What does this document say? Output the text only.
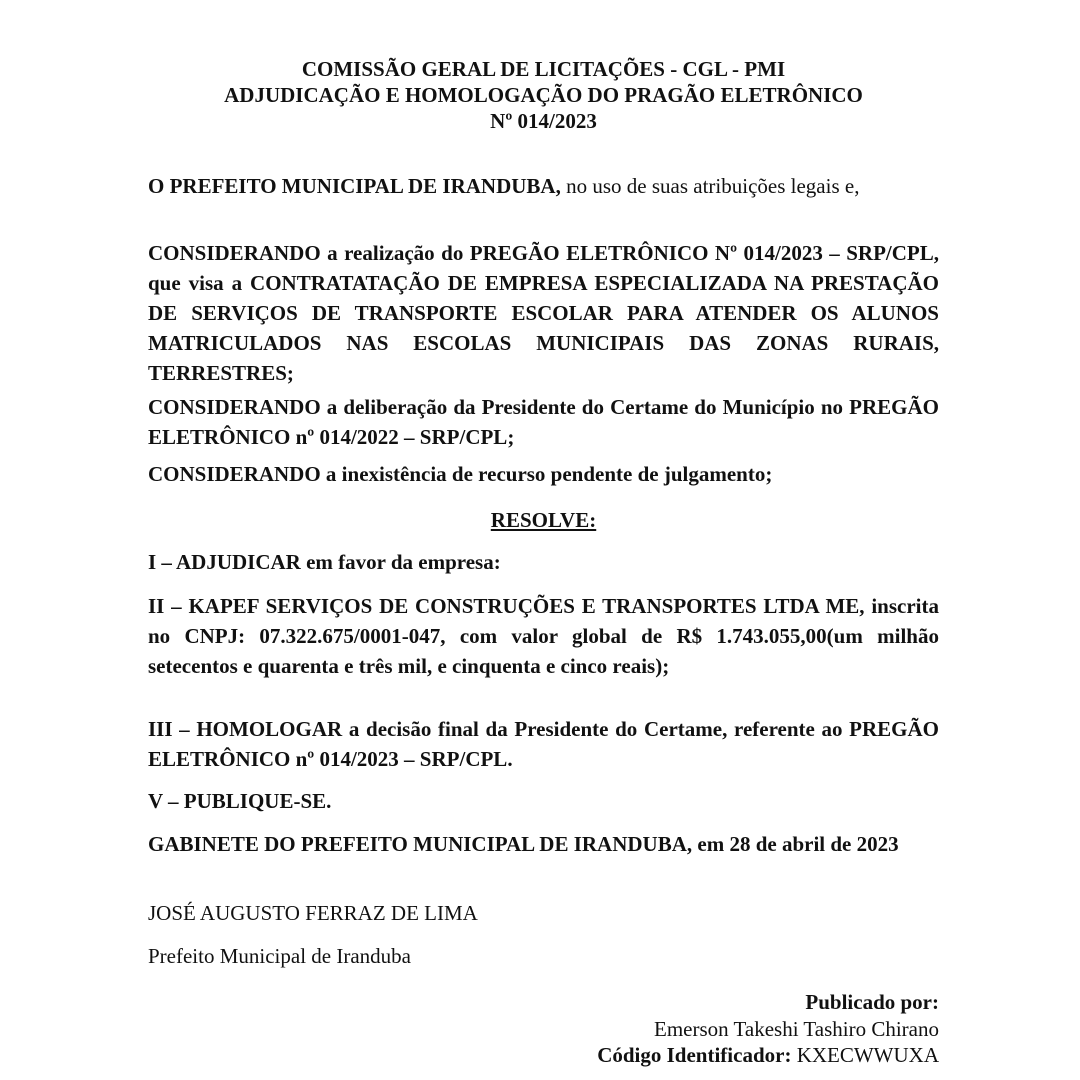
COMISSÃO GERAL DE LICITAÇÕES - CGL - PMI
ADJUDICAÇÃO E HOMOLOGAÇÃO DO PRAGÃO ELETRÔNICO
Nº 014/2023
O PREFEITO MUNICIPAL DE IRANDUBA, no uso de suas atribuições legais e,
CONSIDERANDO a realização do PREGÃO ELETRÔNICO Nº 014/2023 – SRP/CPL, que visa a CONTRATATAÇÃO DE EMPRESA ESPECIALIZADA NA PRESTAÇÃO DE SERVIÇOS DE TRANSPORTE ESCOLAR PARA ATENDER OS ALUNOS MATRICULADOS NAS ESCOLAS MUNICIPAIS DAS ZONAS RURAIS, TERRESTRES;
CONSIDERANDO a deliberação da Presidente do Certame do Município no PREGÃO ELETRÔNICO nº 014/2022 – SRP/CPL;
CONSIDERANDO a inexistência de recurso pendente de julgamento;
RESOLVE:
I – ADJUDICAR em favor da empresa:
II – KAPEF SERVIÇOS DE CONSTRUÇÕES E TRANSPORTES LTDA ME, inscrita no CNPJ: 07.322.675/0001-047, com valor global de R$ 1.743.055,00(um milhão setecentos e quarenta e três mil, e cinquenta e cinco reais);
III – HOMOLOGAR a decisão final da Presidente do Certame, referente ao PREGÃO ELETRÔNICO nº 014/2023 – SRP/CPL.
V – PUBLIQUE-SE.
GABINETE DO PREFEITO MUNICIPAL DE IRANDUBA, em 28 de abril de 2023
JOSÉ AUGUSTO FERRAZ DE LIMA
Prefeito Municipal de Iranduba
Publicado por:
Emerson Takeshi Tashiro Chirano
Código Identificador: KXECWWUXA
